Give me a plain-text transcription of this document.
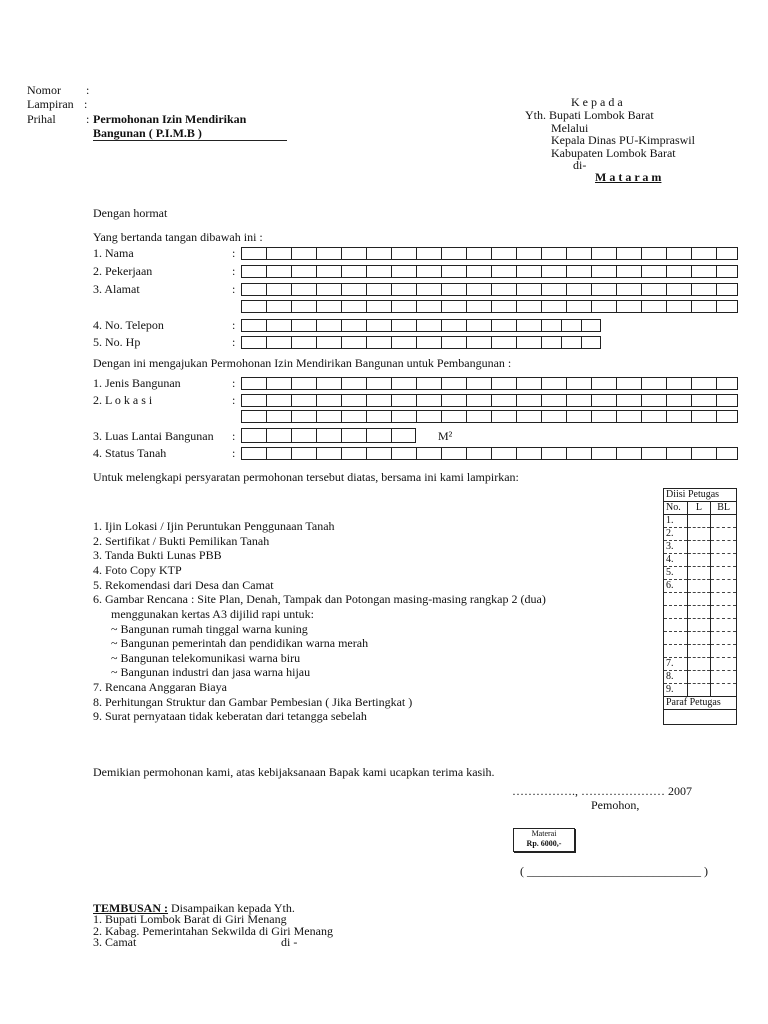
Nomor :
Lampiran :
Prihal	: Permohonan Izin Mendirikan
Bangunan ( P.I.M.B )
K e p a d a
Yth. Bupati Lombok Barat
Melalui
Kepala Dinas PU-Kimpraswil
Kabupaten Lombok Barat
di-
M a t a r a m
Dengan hormat
Yang bertanda tangan dibawah ini :
1. Nama	:
2. Pekerjaan	:
3. Alamat	:
4. No. Telepon	:
5. No. Hp	:
Dengan ini mengajukan Permohonan Izin Mendirikan Bangunan untuk Pembangunan :
1. Jenis Bangunan	:
2. L o k a s i	:
3. Luas Lantai Bangunan :	M²
4. Status Tanah	:
Untuk melengkapi persyaratan permohonan tersebut diatas, bersama ini kami lampirkan:
1. Ijin Lokasi / Ijin Peruntukan Penggunaan Tanah
2. Sertifikat / Bukti Pemilikan Tanah
3. Tanda Bukti Lunas PBB
4. Foto Copy KTP
5. Rekomendasi dari Desa dan Camat
6. Gambar Rencana : Site Plan, Denah, Tampak dan Potongan masing-masing rangkap 2 (dua)
menggunakan kertas A3 dijilid rapi untuk:
~ Bangunan rumah tinggal warna kuning
~ Bangunan pemerintah dan pendidikan warna merah
~ Bangunan telekomunikasi warna biru
~ Bangunan industri dan jasa warna hijau
7. Rencana Anggaran Biaya
8. Perhitungan Struktur dan Gambar Pembesian ( Jika Bertingkat )
9. Surat pernyataan tidak keberatan dari tetangga sebelah
Diisi Petugas		
No.	L	BL
1.		
2.		
3.		
4.		
5.		
6.		

7.		
8.		
9.		
Paraf Petugas		

Demikian permohonan kami, atas kebijaksanaan Bapak kami ucapkan terima kasih.
……………., ………………… 2007
Pemohon,
Materai
Rp. 6000,-
( _____________________________ )
TEMBUSAN : Disampaikan kepada Yth.
1. Bupati Lombok Barat di Giri Menang
2. Kabag. Pemerintahan Sekwilda di Giri Menang
3. Camat	di -
